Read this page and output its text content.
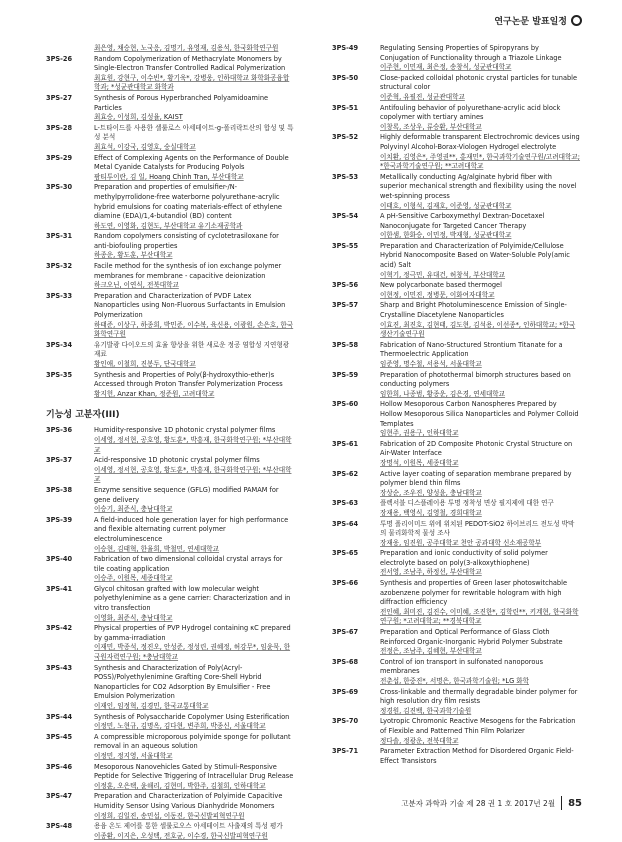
연구논문 발표일정
최은영, 채승현, 노국응, 김명기, 유영재, 김용석, 한국화학연구원
3PS-26	Random Copolymerization of Methacrylate Monomers by Single-Electron Transfer Controlled Radical Polymerization
최효원, 강현구, 이수빈*, 황기욱*, 강병웅, 인하대학교 화학화공융합학과; *성균관대학교 화학과
3PS-27	Synthesis of Porous Hyperbranched Polyamidoamine Particles
최효승, 이성희, 김성율, KAIST
3PS-28	L-트타이드를 사용한 셀룰로스 아세테이트-g-폴리락트산의 합성 및 특성 분석
최효석, 이강국, 김영호, 숭실대학교
3PS-29	Effect of Complexing Agents on the Performance of Double Metal Cyanide Catalysts for Producing Polyols
팜티투이란, 김 일, Hoang Chinh Tran, 부산대학교
3PS-30	Preparation and properties of emulsifier-/N-methylpyrrolidone-free waterborne polyurethane-acrylic hybrid emulsions for coating materials-effect of ethylene diamine (EDA)/1,4-butandiol (BD) content
하도연, 이영화, 김현도, 부산대학교 유기소재공학과
3PS-31	Random copolymers consisting of cyclotetrasiloxane for anti-biofouling properties
하종운, 황도훈, 부산대학교
3PS-32	Facile method for the synthesis of ion exchange polymer membranes for membrane - capacitive deionization
하크오닌, 이연식, 전북대학교
3PS-33	Preparation and Characterization of PVDF Latex Nanoparticles using Non-Fluorous Surfactants in Emulsion Polymerization
하태준, 이상구, 하종희, 박민준, 이수복, 육신용, 이광원, 손은호, 한국화학연구원
3PS-34	유기발광 다이오드의 효율 향상을 위한 새로운 정공 염합성 지연형광 재료
황인애, 이철희, 진봉두, 단국대학교
3PS-35	Synthesis and Properties of Poly(β-hydroxythio-ether)s Accessed through Proton Transfer Polymerization Process
황지헌, Anzar Khan, 정준원, 고려대학교
기능성 고분자(III)
3PS-36	Humidity-responsive 1D photonic crystal polymer films
이세영, 정서현, 공호영, 황도훈*, 박흥재, 한국화학연구원; *부산대학교
3PS-37	Acid-responsive 1D photonic crystal polymer films
이세영, 정서현, 공호영, 황도훈*, 박흥재, 한국화학연구원; *부산대학교
3PS-38	Enzyme sensitive sequence (GFLG) modified PAMAM for gene delivery
이승기, 최준식, 충남대학교
3PS-39	A field-induced hole generation layer for high performance and flexible alternating current polymer electroluminescence
이승현, 김태혁, 한율희, 박철민, 연세대학교
3PS-40	Fabrication of two dimensional colloidal crystal arrays for tile coating application
이승주, 이원목, 세종대학교
3PS-41	Glycol chitosan grafted with low molecular weight polyethylenimine as a gene carrier: Characterization and in vitro transfection
이영화, 최준식, 충남대학교
3PS-42	Physical properties of PVP Hydrogel containing κC prepared by gamma-irradiation
이재민, 박종석, 정진오, 안성준, 정성린, 권혜정, 허강무*, 임윤묵, 한국원자력연구원; *충남대학교
3PS-43	Synthesis and Characterization of Poly(Acryl-POSS)/Polyethylenimine Grafting Core-Shell Hybrid Nanoparticles for CO2 Adsorption By Emulsifier - Free Emulsion Polymerization
이재인, 임정혁, 김경민, 한국교통대학교
3PS-44	Synthesis of Polysaccharide Copolymer Using Esterification
이정민, 노현규, 김명옥, 김다현, 변주희, 박종신, 서울대학교
3PS-45	A compressible microporous polyimide sponge for pollutant removal in an aqueous solution
이정민, 정지영, 서울대학교
3PS-46	Mesoporous Nanovehicles Gated by Stimuli-Responsive Peptide for Selective Triggering of Intracellular Drug Release
이정훈, 오은택, 윤해리, 김현미, 박한주, 김철희, 인하대학교
3PS-47	Preparation and Characterization of Polyimide Capacitive Humidity Sensor Using Various Dianhydride Monomers
이정희, 김일진, 송민섭, 이동진, 한국신발피혁연구원
3PS-48	용융 온도 제어를 통한 셀룰로오스 아세테이트 사출재의 특성 평가
이종환, 이지은, 오성택, 전호균, 이수경, 한국신발피혁연구원
3PS-49	Regulating Sensing Properties of Spiropyrans by Conjugation of Functionality through a Triazole Linkage
이주현, 이민재, 최은정, 송창식, 성균관대학교
3PS-50	Close-packed colloidal photonic crystal particles for tunable structural color
이준혁, 유필진, 성균관대학교
3PS-51	Antifouling behavior of polyurethane-acrylic acid block copolymer with tertiary amines
이창록, 조상우, 류승환, 부산대학교
3PS-52	Highly deformable transparent Electrochromic devices using Polyvinyl Alcohol-Borax-Viologen Hydrogel electrolyte
이치환, 김영은*, 주영권**, 홍재민*, 한국과학기술연구원/고려대학교; *한국과학기술연구원; **고려대학교
3PS-53	Metallically conducting Ag/alginate hybrid fiber with superior mechanical strength and flexibility using the novel wet-spinning process
이태호, 이형석, 김재호, 이준영, 성균관대학교
3PS-54	A pH-Sensitive Carboxymethyl Dextran-Docetaxel Nanoconjugate for Targeted Cancer Therapy
이한샘, 한화승, 이민정, 박재형, 성균관대학교
3PS-55	Preparation and Characterization of Polyimide/Cellulose Hybrid Nanocomposite Based on Water-Soluble Poly(amic acid) Salt
이혁기, 정극민, 유대건, 허창석, 부산대학교
3PS-56	New polycarbonate based thermogel
이현정, 이민진, 정병문, 이화여자대학교
3PS-57	Sharp and Bright Photoluminescence Emission of Single-Crystalline Diacetylene Nanoparticles
이효진, 최진호, 김현태, 김도현, 김석용, 이선종*, 인하대학교; *한국생산기술연구원
3PS-58	Fabrication of Nano-Structured Strontium Titanate for a Thermoelectric Application
임준영, 명수철, 서용석, 서울대학교
3PS-59	Preparation of photothermal bimorph structures based on conducting polymers
임한희, 나종범, 황종운, 김은경, 연세대학교
3PS-60	Hollow Mesoporous Carbon Nanospheres Prepared by Hollow Mesoporous Silica Nanoparticles and Polymer Colloid Templates
임현주, 권용구, 인하대학교
3PS-61	Fabrication of 2D Composite Photonic Crystal Structure on Air-Water Interface
장명석, 이원목, 세종대학교
3PS-62	Active layer coating of separation membrane prepared by polymer blend thin films
장상순, 조우진, 양성윤, 충남대학교
3PS-63	플렉서블 디스플레이용 투명 정착성 면상 필지제에 대한 연구
장재용, 백영식, 김영철, 경희대학교
3PS-64	투명 폴리이미드 위에 위치된 PEDOT-SiO2 하이브리드 전도성 박막의 물리화학적 물성 조사
장재웅, 임진원, 공주대학교 천안 공과대학 신소재공학부
3PS-65	Preparation and ionic conductivity of solid polymer electrolyte based on poly(3-alkoxythiophene)
전서영, 조남주, 하정선, 부산대학교
3PS-66	Synthesis and properties of Green laser photoswitchable azobenzene polymer for rewritable hologram with high diffraction efficiency
전인혜, 최미진, 김진수, 이미혜, 조진한*, 김학린**, 키계현, 한국화학연구원; *고려대학교; **경북대학교
3PS-67	Preparation and Optical Performance of Glass Cloth Reinforced Organic-Inorganic Hybrid Polymer Substrate
전정은, 조남주, 김혜현, 부산대학교
3PS-68	Control of ion transport in sulfonated nanoporous membranes
전춘섭, 한중진*, 서명은, 한국과학기술원; *LG 화학
3PS-69	Cross-linkable and thermally degradable binder polymer for high resolution dry film resists
정경원, 김진백, 한국과학기술원
3PS-70	Lyotropic Chromonic Reactive Mesogens for the Fabrication of Flexible and Patterned Thin Film Polarizer
정다솔, 정광운, 전북대학교
3PS-71	Parameter Extraction Method for Disordered Organic Field-Effect Transistors
고분자 과학과 기술 제 28 권 1 호 2017년 2월 85
